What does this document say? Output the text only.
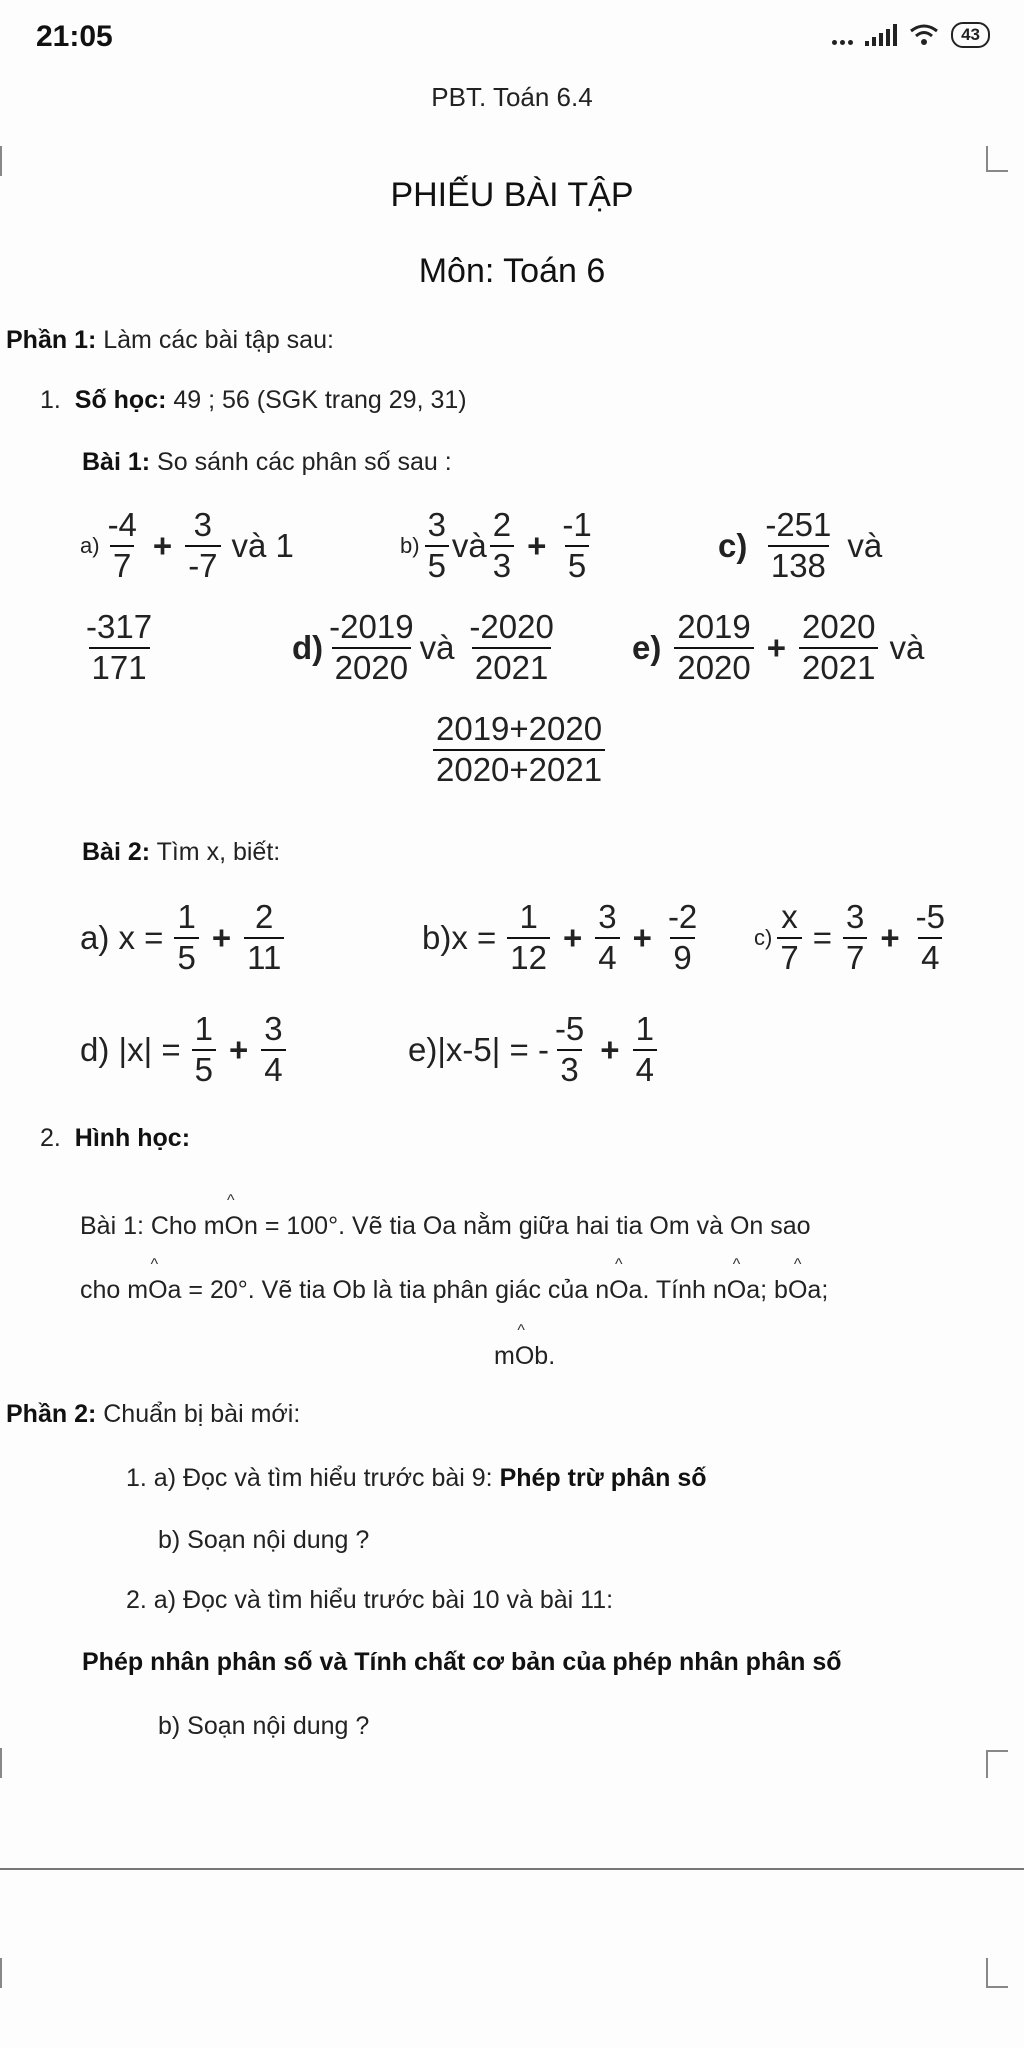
21:05	43
PBT. Toán 6.4
PHIẾU BÀI TẬP
Môn: Toán 6
Phần 1: Làm các bài tập sau:
1. Số học: 49 ; 56 (SGK trang 29, 31)
Bài 1: So sánh các phân số sau :
$a) \frac{-4}{7} + \frac{3}{-7}$ và 1	$b) \frac{3}{5}$ và $\frac{2}{3} + \frac{-1}{5}$	$c) \frac{-251}{138}$ và
$\frac{-317}{171}$	$d) \frac{-2019}{2020}$ và $\frac{-2020}{2021} e) \frac{2019}{2020} + \frac{2020}{2021}$ và
$\frac{2019+2020}{2020+2021}$
Bài 2: Tìm x, biết:
a) $x = \frac{1}{5} + \frac{2}{11}$	$b)x = \frac{1}{12} + \frac{3}{4} + \frac{-2}{9} c) \frac{x}{7} = \frac{3}{7} + \frac{-5}{4}$
d) $|x| = \frac{1}{5} + \frac{3}{4}$	e)|x-5| = - $\frac{-5}{3} + \frac{1}{4}$
2. Hình học:
Bài 1: Cho ^ mOn = 100°. Vẽ tia Oa nằm giữa hai tia Om và On sao
cho ^ mOa = 20°. Vẽ tia Ob là tia phân giác của ^ nOa. Tính ^ nOa; ^ bOa;
^ mOb.
Phần 2: Chuẩn bị bài mới:
1. a) Đọc và tìm hiểu trước bài 9: Phép trừ phân số
b) Soạn nội dung ?
2. a) Đọc và tìm hiểu trước bài 10 và bài 11:
Phép nhân phân số và Tính chất cơ bản của phép nhân phân số
b) Soạn nội dung ?
